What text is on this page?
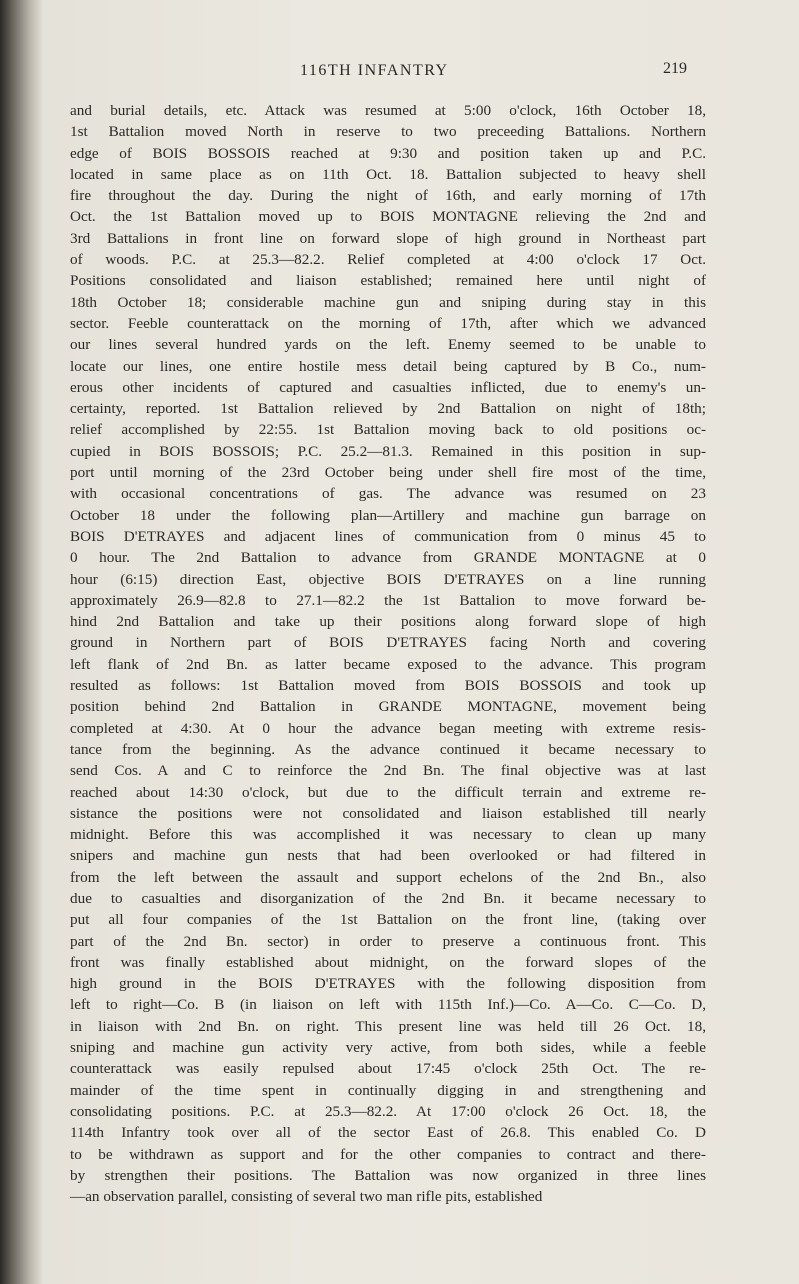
116TH INFANTRY	219
and burial details, etc. Attack was resumed at 5:00 o'clock, 16th October 18,
1st Battalion moved North in reserve to two preceeding Battalions. Northern
edge of BOIS BOSSOIS reached at 9:30 and position taken up and P.C.
located in same place as on 11th Oct. 18. Battalion subjected to heavy shell
fire throughout the day. During the night of 16th, and early morning of 17th
Oct. the 1st Battalion moved up to BOIS MONTAGNE relieving the 2nd and
3rd Battalions in front line on forward slope of high ground in Northeast part
of woods. P.C. at 25.3—82.2. Relief completed at 4:00 o'clock 17 Oct.
Positions consolidated and liaison established; remained here until night of
18th October 18; considerable machine gun and sniping during stay in this
sector. Feeble counterattack on the morning of 17th, after which we advanced
our lines several hundred yards on the left. Enemy seemed to be unable to
locate our lines, one entire hostile mess detail being captured by B Co., num-
erous other incidents of captured and casualties inflicted, due to enemy's un-
certainty, reported. 1st Battalion relieved by 2nd Battalion on night of 18th;
relief accomplished by 22:55. 1st Battalion moving back to old positions oc-
cupied in BOIS BOSSOIS; P.C. 25.2—81.3. Remained in this position in sup-
port until morning of the 23rd October being under shell fire most of the time,
with occasional concentrations of gas. The advance was resumed on 23
October 18 under the following plan—Artillery and machine gun barrage on
BOIS D'ETRAYES and adjacent lines of communication from 0 minus 45 to
0 hour. The 2nd Battalion to advance from GRANDE MONTAGNE at 0
hour (6:15) direction East, objective BOIS D'ETRAYES on a line running
approximately 26.9—82.8 to 27.1—82.2 the 1st Battalion to move forward be-
hind 2nd Battalion and take up their positions along forward slope of high
ground in Northern part of BOIS D'ETRAYES facing North and covering
left flank of 2nd Bn. as latter became exposed to the advance. This program
resulted as follows: 1st Battalion moved from BOIS BOSSOIS and took up
position behind 2nd Battalion in GRANDE MONTAGNE, movement being
completed at 4:30. At 0 hour the advance began meeting with extreme resis-
tance from the beginning. As the advance continued it became necessary to
send Cos. A and C to reinforce the 2nd Bn. The final objective was at last
reached about 14:30 o'clock, but due to the difficult terrain and extreme re-
sistance the positions were not consolidated and liaison established till nearly
midnight. Before this was accomplished it was necessary to clean up many
snipers and machine gun nests that had been overlooked or had filtered in
from the left between the assault and support echelons of the 2nd Bn., also
due to casualties and disorganization of the 2nd Bn. it became necessary to
put all four companies of the 1st Battalion on the front line, (taking over
part of the 2nd Bn. sector) in order to preserve a continuous front. This
front was finally established about midnight, on the forward slopes of the
high ground in the BOIS D'ETRAYES with the following disposition from
left to right—Co. B (in liaison on left with 115th Inf.)—Co. A—Co. C—Co. D,
in liaison with 2nd Bn. on right. This present line was held till 26 Oct. 18,
sniping and machine gun activity very active, from both sides, while a feeble
counterattack was easily repulsed about 17:45 o'clock 25th Oct. The re-
mainder of the time spent in continually digging in and strengthening and
consolidating positions. P.C. at 25.3—82.2. At 17:00 o'clock 26 Oct. 18, the
114th Infantry took over all of the sector East of 26.8. This enabled Co. D
to be withdrawn as support and for the other companies to contract and there-
by strengthen their positions. The Battalion was now organized in three lines
—an observation parallel, consisting of several two man rifle pits, established
